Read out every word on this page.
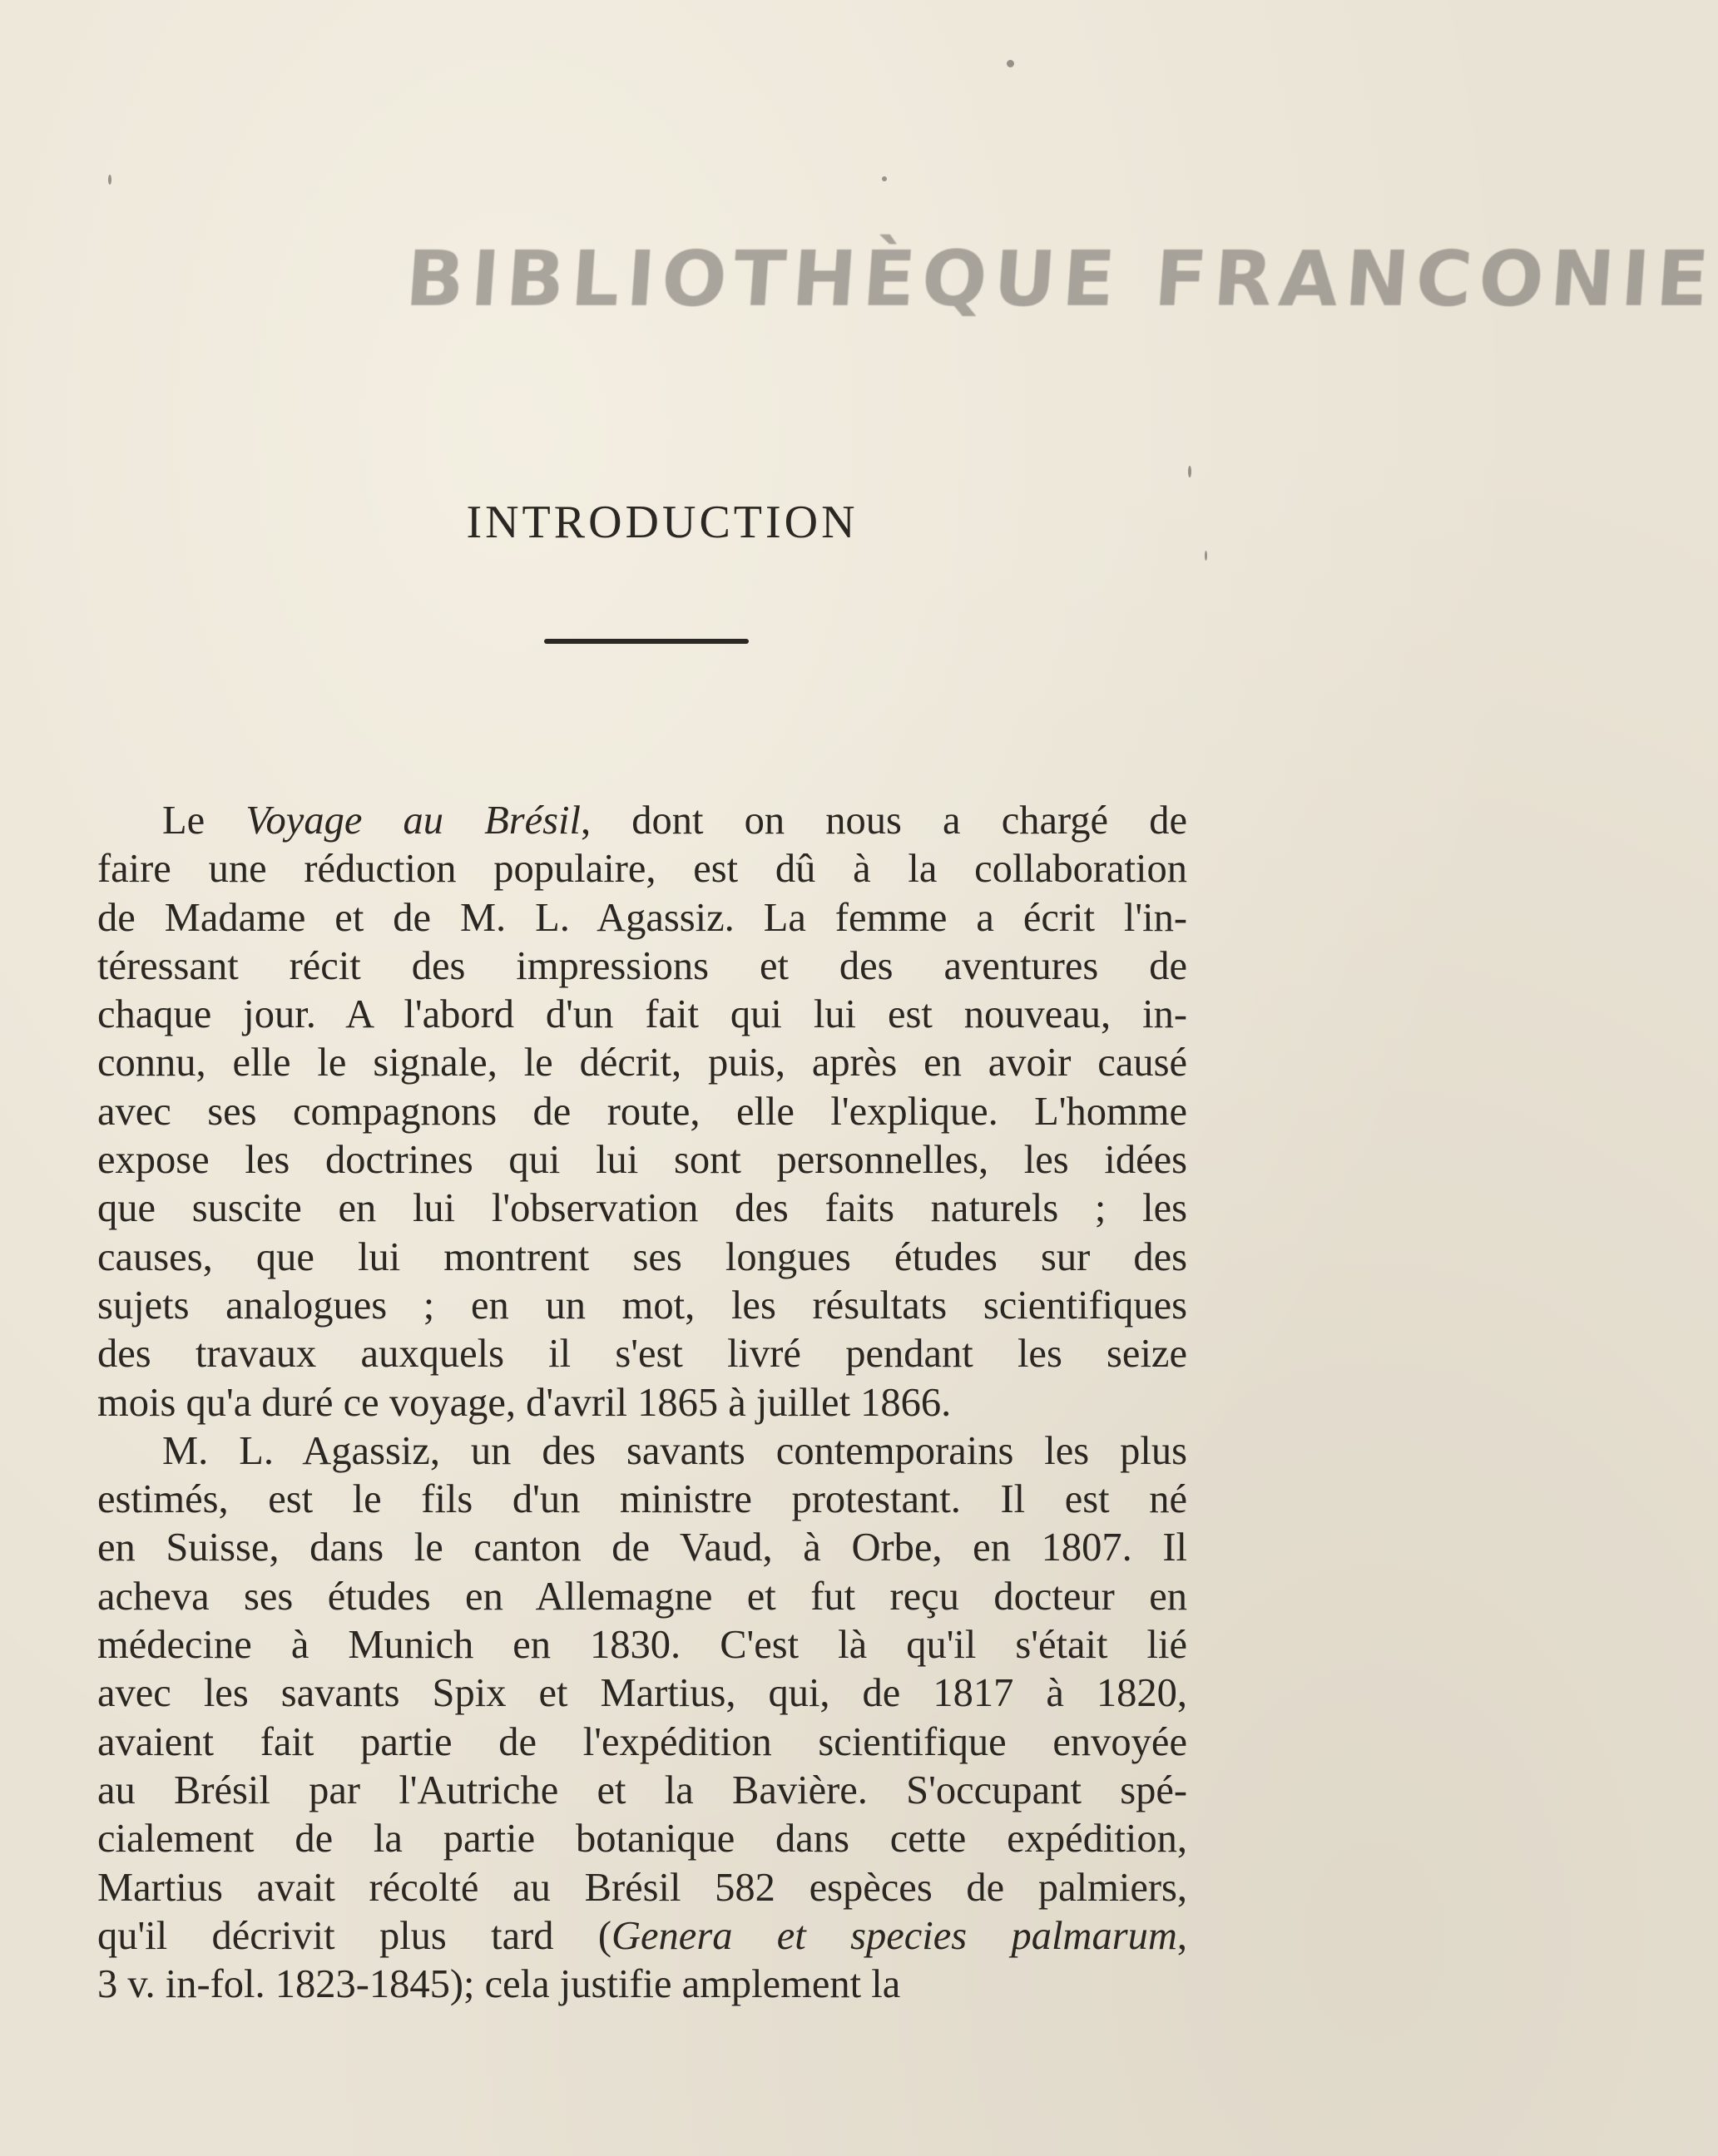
BIBLIOTHÈQUE FRANCONIE
INTRODUCTION
Le Voyage au Brésil, dont on nous a chargé de
faire une réduction populaire, est dû à la collaboration
de Madame et de M. L. Agassiz. La femme a écrit l'in-
téressant récit des impressions et des aventures de
chaque jour. A l'abord d'un fait qui lui est nouveau, in-
connu, elle le signale, le décrit, puis, après en avoir causé
avec ses compagnons de route, elle l'explique. L'homme
expose les doctrines qui lui sont personnelles, les idées
que suscite en lui l'observation des faits naturels ; les
causes, que lui montrent ses longues études sur des
sujets analogues ; en un mot, les résultats scientifiques
des travaux auxquels il s'est livré pendant les seize
mois qu'a duré ce voyage, d'avril 1865 à juillet 1866.
M. L. Agassiz, un des savants contemporains les plus
estimés, est le fils d'un ministre protestant. Il est né
en Suisse, dans le canton de Vaud, à Orbe, en 1807. Il
acheva ses études en Allemagne et fut reçu docteur en
médecine à Munich en 1830. C'est là qu'il s'était lié
avec les savants Spix et Martius, qui, de 1817 à 1820,
avaient fait partie de l'expédition scientifique envoyée
au Brésil par l'Autriche et la Bavière. S'occupant spé-
cialement de la partie botanique dans cette expédition,
Martius avait récolté au Brésil 582 espèces de palmiers,
qu'il décrivit plus tard (Genera et species palmarum,
3 v. in-fol. 1823-1845); cela justifie amplement la
